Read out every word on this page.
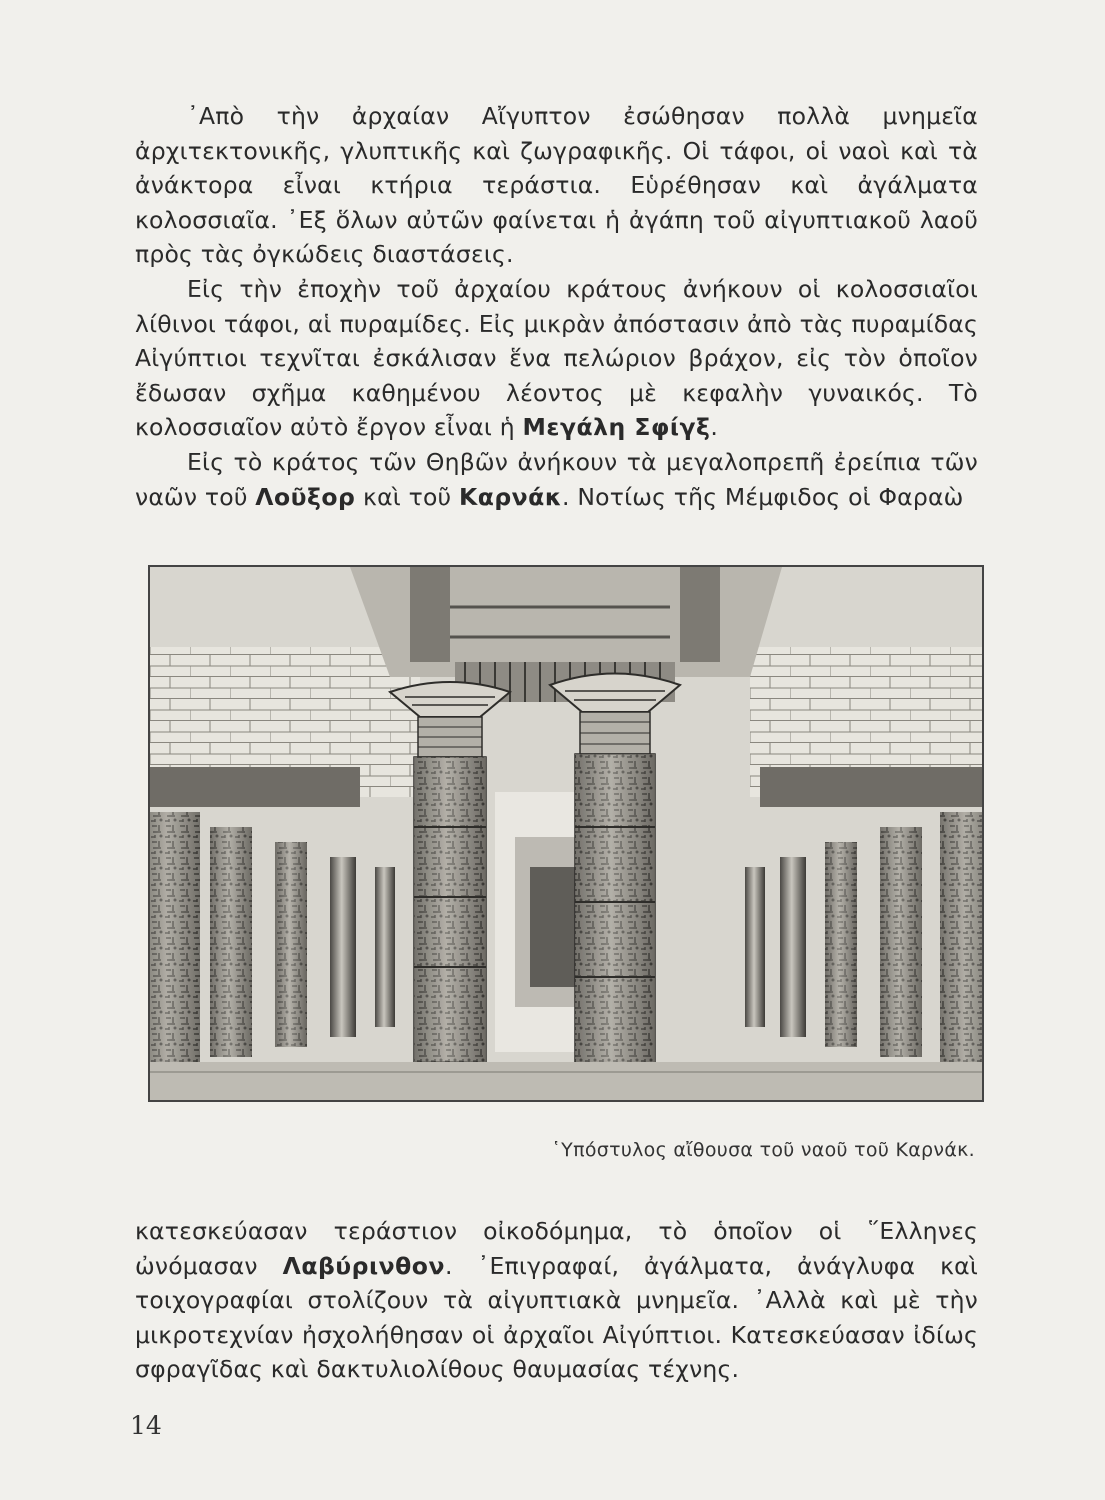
᾿Απὸ τὴν ἀρχαίαν Αἴγυπτον ἐσώθησαν πολλὰ μνημεῖα ἀρχιτεκτονικῆς, γλυπτικῆς καὶ ζωγραφικῆς. Οἱ τάφοι, οἱ ναοὶ καὶ τὰ ἀνάκτορα εἶναι κτήρια τεράστια. Εὑρέθησαν καὶ ἀγάλματα κολοσσιαῖα. ᾿Εξ ὅλων αὐτῶν φαίνεται ἡ ἀγάπη τοῦ αἰγυπτιακοῦ λαοῦ πρὸς τὰς ὀγκώδεις διαστάσεις.

Εἰς τὴν ἐποχὴν τοῦ ἀρχαίου κράτους ἀνήκουν οἱ κολοσσιαῖοι λίθινοι τάφοι, αἱ πυραμίδες. Εἰς μικρὰν ἀπόστασιν ἀπὸ τὰς πυραμίδας Αἰγύπτιοι τεχνῖται ἐσκάλισαν ἕνα πελώριον βράχον, εἰς τὸν ὁποῖον ἔδωσαν σχῆμα καθημένου λέοντος μὲ κεφαλὴν γυναικός. Τὸ κολοσσιαῖον αὐτὸ ἔργον εἶναι ἡ Μεγάλη Σφίγξ.

Εἰς τὸ κράτος τῶν Θηβῶν ἀνήκουν τὰ μεγαλοπρεπῆ ἐρείπια τῶν ναῶν τοῦ Λοῦξορ καὶ τοῦ Καρνάκ. Νοτίως τῆς Μέμφιδος οἱ Φαραὼ

῾Υπόστυλος αἴθουσα τοῦ ναοῦ τοῦ Καρνάκ.

κατεσκεύασαν τεράστιον οἰκοδόμημα, τὸ ὁποῖον οἱ ῞Ελληνες ὠνόμασαν Λαβύρινθον. ᾿Επιγραφαί, ἀγάλματα, ἀνάγλυφα καὶ τοιχογραφίαι στολίζουν τὰ αἰγυπτιακὰ μνημεῖα. ᾿Αλλὰ καὶ μὲ τὴν μικροτεχνίαν ἠσχολήθησαν οἱ ἀρχαῖοι Αἰγύπτιοι. Κατεσκεύασαν ἰδίως σφραγῖδας καὶ δακτυλιολίθους θαυμασίας τέχνης.

14
